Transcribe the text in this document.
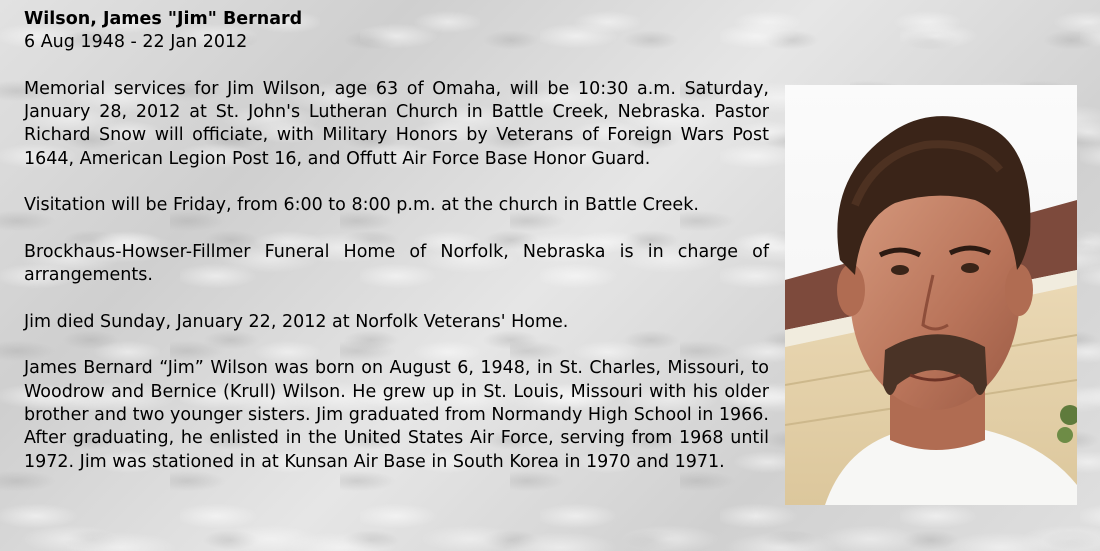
Wilson, James "Jim" Bernard

6 Aug 1948 - 22 Jan 2012

Memorial services for Jim Wilson, age 63 of Omaha, will be 10:30 a.m. Saturday, January 28, 2012 at St. John's Lutheran Church in Battle Creek, Nebraska. Pastor Richard Snow will officiate, with Military Honors by Veterans of Foreign Wars Post 1644, American Legion Post 16, and Offutt Air Force Base Honor Guard.

Visitation will be Friday, from 6:00 to 8:00 p.m. at the church in Battle Creek.

Brockhaus-Howser-Fillmer Funeral Home of Norfolk, Nebraska is in charge of arrangements.

Jim died Sunday, January 22, 2012 at Norfolk Veterans' Home.

James Bernard “Jim” Wilson was born on August 6, 1948, in St. Charles, Missouri, to Woodrow and Bernice (Krull) Wilson. He grew up in St. Louis, Missouri with his older brother and two younger sisters. Jim graduated from Normandy High School in 1966. After graduating, he enlisted in the United States Air Force, serving from 1968 until 1972. Jim was stationed in at Kunsan Air Base in South Korea in 1970 and 1971.
